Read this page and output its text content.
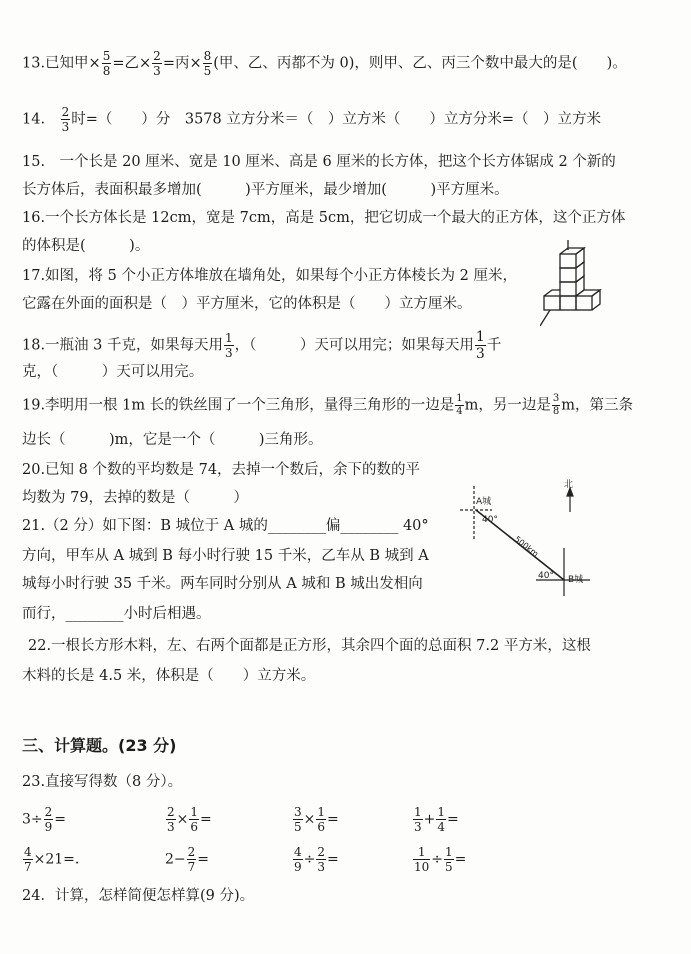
13.已知甲× $\frac{5}{8}$ =乙× $\frac{2}{3}$ =丙× $\frac{8}{5}$ (甲、乙、丙都不为 0)，则甲、乙、丙三个数中最大的是(　　)。
14.　 $\frac{2}{3}$ 时=（　　）分　3578 立方分米＝（　）立方米（　　）立方分米=（　）立方米
15.　一个长是 20 厘米、宽是 10 厘米、高是 6 厘米的长方体，把这个长方体锯成 2 个新的
长方体后，表面积最多增加(　　　)平方厘米，最少增加(　　　)平方厘米。
16.一个长方体长是 12cm，宽是 7cm，高是 5cm，把它切成一个最大的正方体，这个正方体
的体积是(　　　)。
17.如图，将 5 个小正方体堆放在墙角处，如果每个小正方体棱长为 2 厘米，
它露在外面的面积是（　）平方厘米，它的体积是（　　）立方厘米。
18.一瓶油 3 千克，如果每天用 $\frac{1}{3}$ ，（　　　）天可以用完；如果每天用 $\frac{1}{3}$ 千
克，（　　　）天可以用完。
19.李明用一根 1m 长的铁丝围了一个三角形，量得三角形的一边是 $\frac{1}{4}$ m，另一边是 $\frac{3}{8}$ m，第三条
边长（　　　)m，它是一个（　　　)三角形。
20.已知 8 个数的平均数是 74，去掉一个数后，余下的数的平
均数为 79，去掉的数是（　　　）
21.（2 分）如下图：B 城位于 A 城的________偏________ 40°
方向，甲车从 A 城到 B 每小时行驶 15 千米，乙车从 B 城到 A
城每小时行驶 35 千米。两车同时分别从 A 城和 B 城出发相向
而行，________小时后相遇。
A城
40°
500km
40° B城
北
22.一根长方形木料，左、右两个面都是正方形，其余四个面的总面积 7.2 平方米，这根
木料的长是 4.5 米，体积是（　　）立方米。
三、计算题。(23 分)
23.直接写得数（8 分）。
$3\div \frac{2}{9}$ =	$\frac{2}{3} \times \frac{1}{6}$ =	$\frac{3}{5} \times \frac{1}{6}$ =	$\frac{1}{3} + \frac{1}{4}$ =
$\frac{4}{7} \times 21=$．	$2- \frac{2}{7}$ =	$\frac{4}{9} \div \frac{2}{3}$ =	$\frac{1}{10} \div \frac{1}{5}$ =
24．计算，怎样简便怎样算(9 分)。
